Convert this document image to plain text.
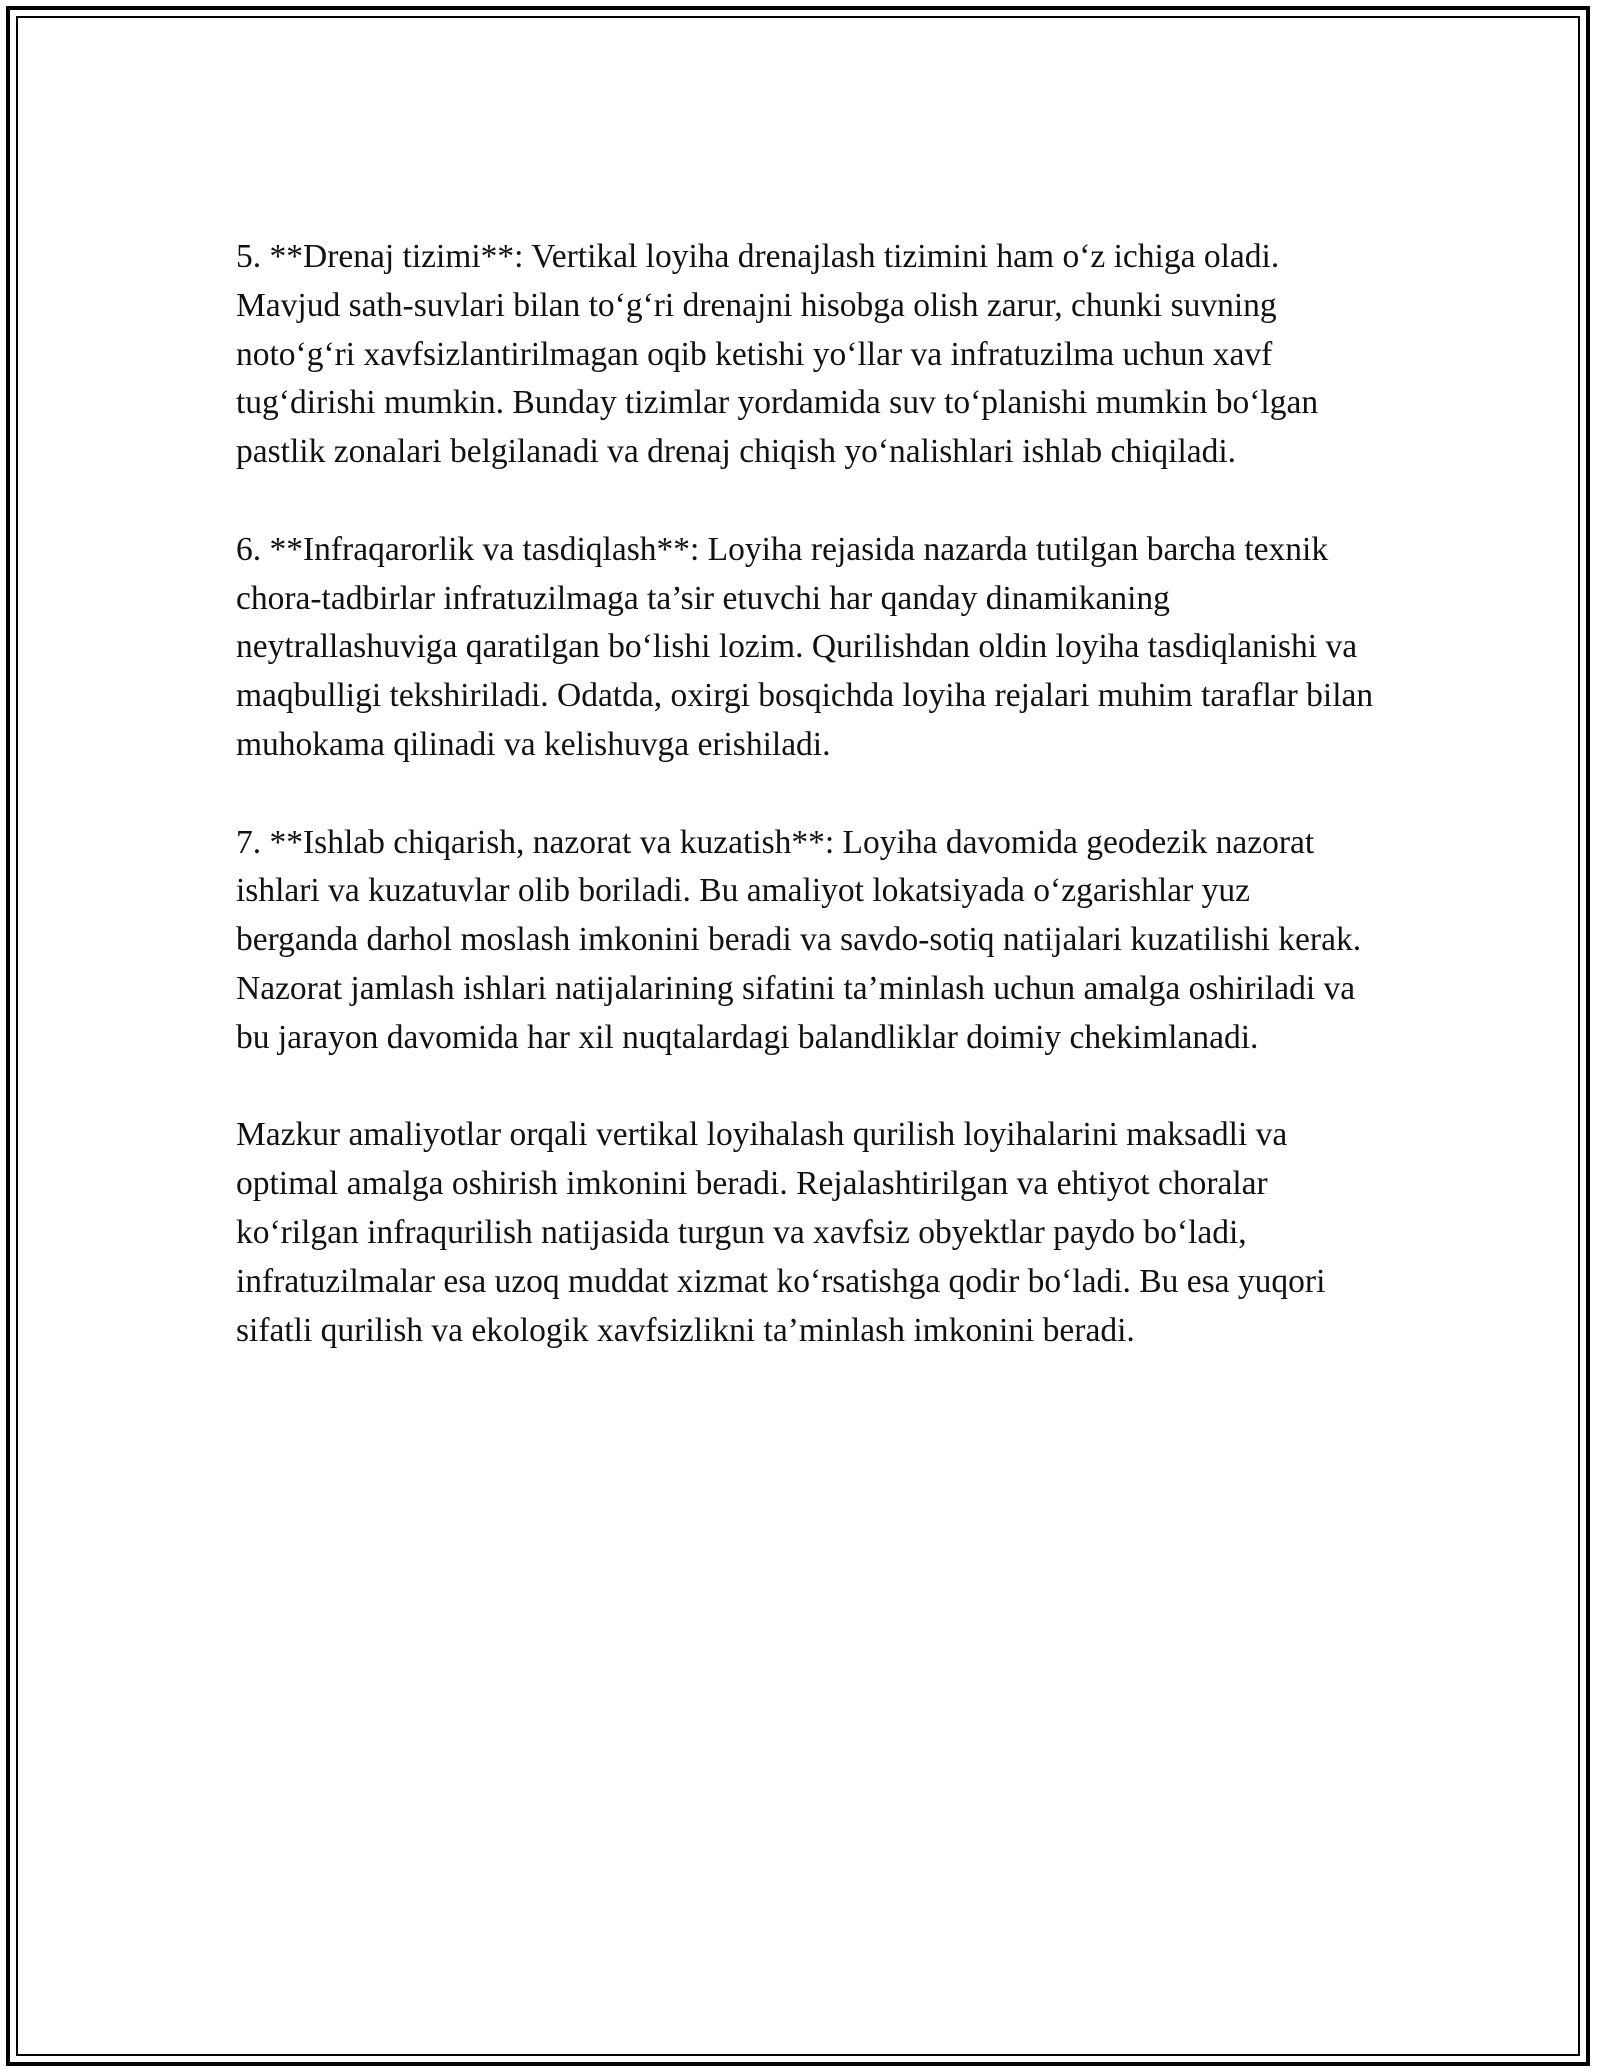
5. **Drenaj tizimi**: Vertikal loyiha drenajlash tizimini ham oʻz ichiga oladi. Mavjud sath-suvlari bilan toʻgʻri drenajni hisobga olish zarur, chunki suvning notoʻgʻri xavfsizlantirilmagan oqib ketishi yoʻllar va infratuzilma uchun xavf tugʻdirishi mumkin. Bunday tizimlar yordamida suv toʻplanishi mumkin boʻlgan pastlik zonalari belgilanadi va drenaj chiqish yoʻnalishlari ishlab chiqiladi.

6. **Infraqarorlik va tasdiqlash**: Loyiha rejasida nazarda tutilgan barcha texnik chora-tadbirlar infratuzilmaga ta’sir etuvchi har qanday dinamikaning neytrallashuviga qaratilgan boʻlishi lozim. Qurilishdan oldin loyiha tasdiqlanishi va maqbulligi tekshiriladi. Odatda, oxirgi bosqichda loyiha rejalari muhim taraflar bilan muhokama qilinadi va kelishuvga erishiladi.

7. **Ishlab chiqarish, nazorat va kuzatish**: Loyiha davomida geodezik nazorat ishlari va kuzatuvlar olib boriladi. Bu amaliyot lokatsiyada oʻzgarishlar yuz berganda darhol moslash imkonini beradi va savdo-sotiq natijalari kuzatilishi kerak. Nazorat jamlash ishlari natijalarining sifatini ta’minlash uchun amalga oshiriladi va bu jarayon davomida har xil nuqtalardagi balandliklar doimiy chekimlanadi.

Mazkur amaliyotlar orqali vertikal loyihalash qurilish loyihalarini maksadli va optimal amalga oshirish imkonini beradi. Rejalashtirilgan va ehtiyot choralar koʻrilgan infraqurilish natijasida turgun va xavfsiz obyektlar paydo boʻladi, infratuzilmalar esa uzoq muddat xizmat koʻrsatishga qodir boʻladi. Bu esa yuqori sifatli qurilish va ekologik xavfsizlikni ta’minlash imkonini beradi.
